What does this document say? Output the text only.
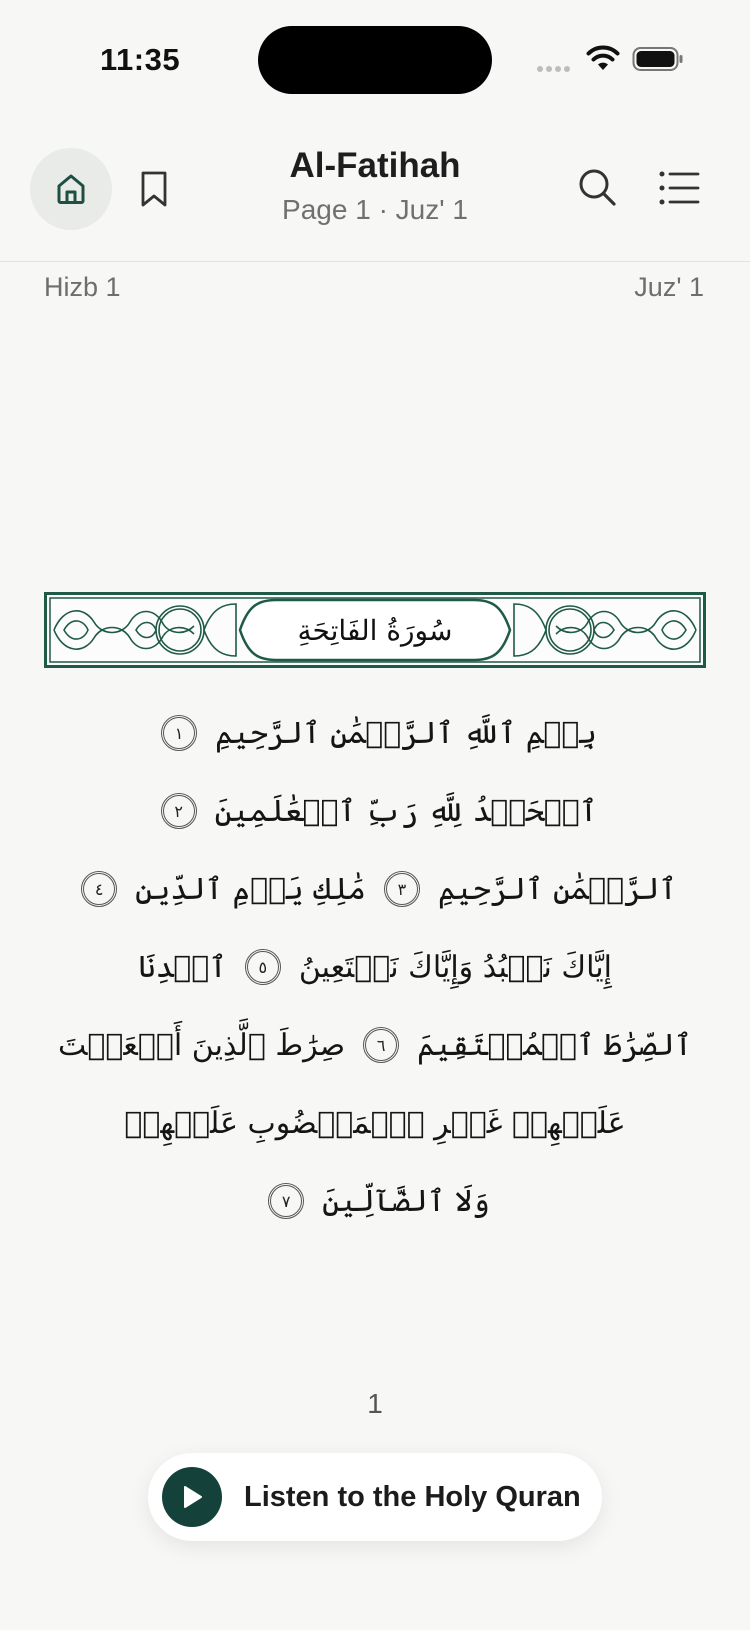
11:35
Al-Fatihah
Page 1 · Juz' 1
Hizb 1	Juz' 1
سُورَةُ الفَاتِحَةِ
بِسۡمِ ٱللَّهِ ٱلرَّحۡمَٰنِ ٱلرَّحِيمِ
١
ٱلۡحَمۡدُ لِلَّهِ رَبِّ ٱلۡعَٰلَمِينَ
٢
ٱلرَّحۡمَٰنِ ٱلرَّحِيمِ
٣
مَٰلِكِ يَوۡمِ ٱلدِّينِ
٤
إِيَّاكَ نَعۡبُدُ وَإِيَّاكَ نَسۡتَعِينُ
٥
ٱهۡدِنَا
ٱلصِّرَٰطَ ٱلۡمُسۡتَقِيمَ
٦
صِرَٰطَ ٱلَّذِينَ أَنۡعَمۡتَ
عَلَيۡهِمۡ غَيۡرِ ٱلۡمَغۡضُوبِ عَلَيۡهِمۡ
وَلَا ٱلضَّآلِّينَ
٧
1
Listen to the Holy Quran
